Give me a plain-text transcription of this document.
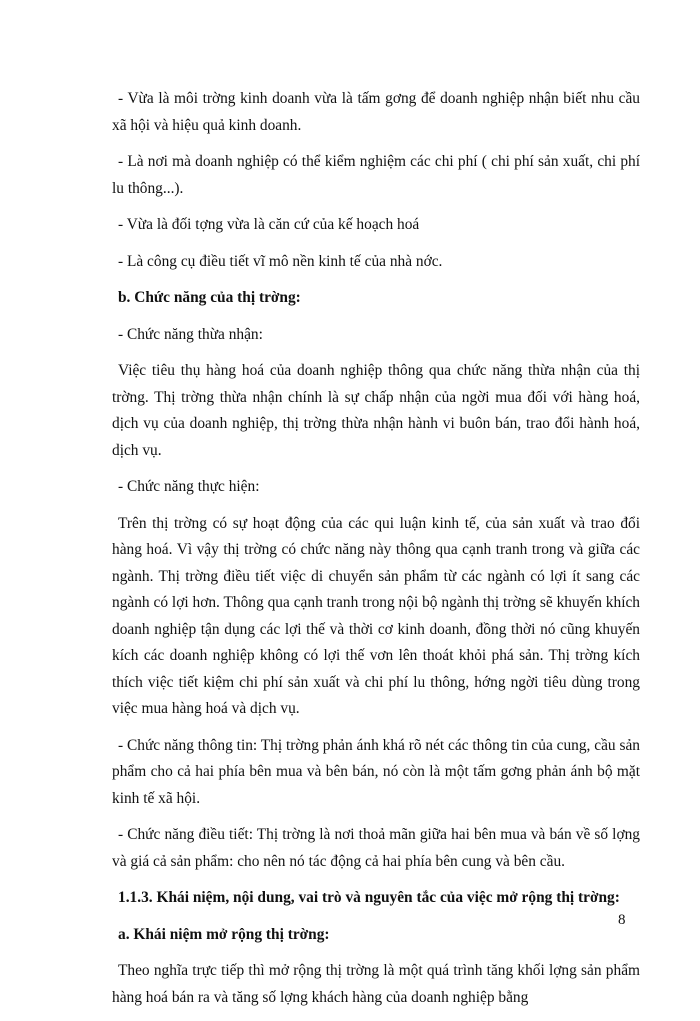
- Vừa là môi trờng kinh doanh vừa là tấm gơng để doanh nghiệp nhận biết nhu cầu xã hội và hiệu quả kinh doanh.

- Là nơi mà doanh nghiệp có thể kiểm nghiệm các chi phí ( chi phí sản xuất, chi phí lu thông...).

- Vừa là đối tợng vừa là căn cứ của kế hoạch hoá

- Là công cụ điều tiết vĩ mô nền kinh tế của nhà nớc.

b. Chức năng của thị trờng:

- Chức năng thừa nhận:

Việc tiêu thụ hàng hoá của doanh nghiệp thông qua chức năng thừa nhận của thị trờng. Thị trờng thừa nhận chính là sự chấp nhận của ngời mua đối với hàng hoá, dịch vụ của doanh nghiệp, thị trờng thừa nhận hành vi buôn bán, trao đổi hành hoá, dịch vụ.

- Chức năng thực hiện:

Trên thị trờng có sự hoạt động của các qui luận kinh tế, của sản xuất và trao đổi hàng hoá. Vì vậy thị trờng có chức năng này thông qua cạnh tranh trong và giữa các ngành. Thị trờng điều tiết việc di chuyển sản phẩm từ các ngành có lợi ít sang các ngành có lợi hơn. Thông qua cạnh tranh trong nội bộ ngành thị trờng sẽ khuyến khích doanh nghiệp tận dụng các lợi thế và thời cơ kinh doanh, đồng thời nó cũng khuyến kích các doanh nghiệp không có lợi thế vơn lên thoát khỏi phá sản. Thị trờng kích thích việc tiết kiệm chi phí sản xuất và chi phí lu thông, hớng ngời tiêu dùng trong việc mua hàng hoá và dịch vụ.

- Chức năng thông tin: Thị trờng phản ánh khá rõ nét các thông tin của cung, cầu sản phẩm cho cả hai phía bên mua và bên bán, nó còn là một tấm gơng phản ánh bộ mặt kinh tế xã hội.

- Chức năng điều tiết: Thị trờng là nơi thoả mãn giữa hai bên mua và bán về số lợng và giá cả sản phẩm: cho nên nó tác động cả hai phía bên cung và bên cầu.

1.1.3. Khái niệm, nội dung, vai trò và nguyên tắc của việc mở rộng thị trờng:

a. Khái niệm mở rộng thị trờng:

Theo nghĩa trực tiếp thì mở rộng thị trờng là một quá trình tăng khối lợng sản phẩm hàng hoá bán ra và tăng số lợng khách hàng của doanh nghiệp bằng

8
